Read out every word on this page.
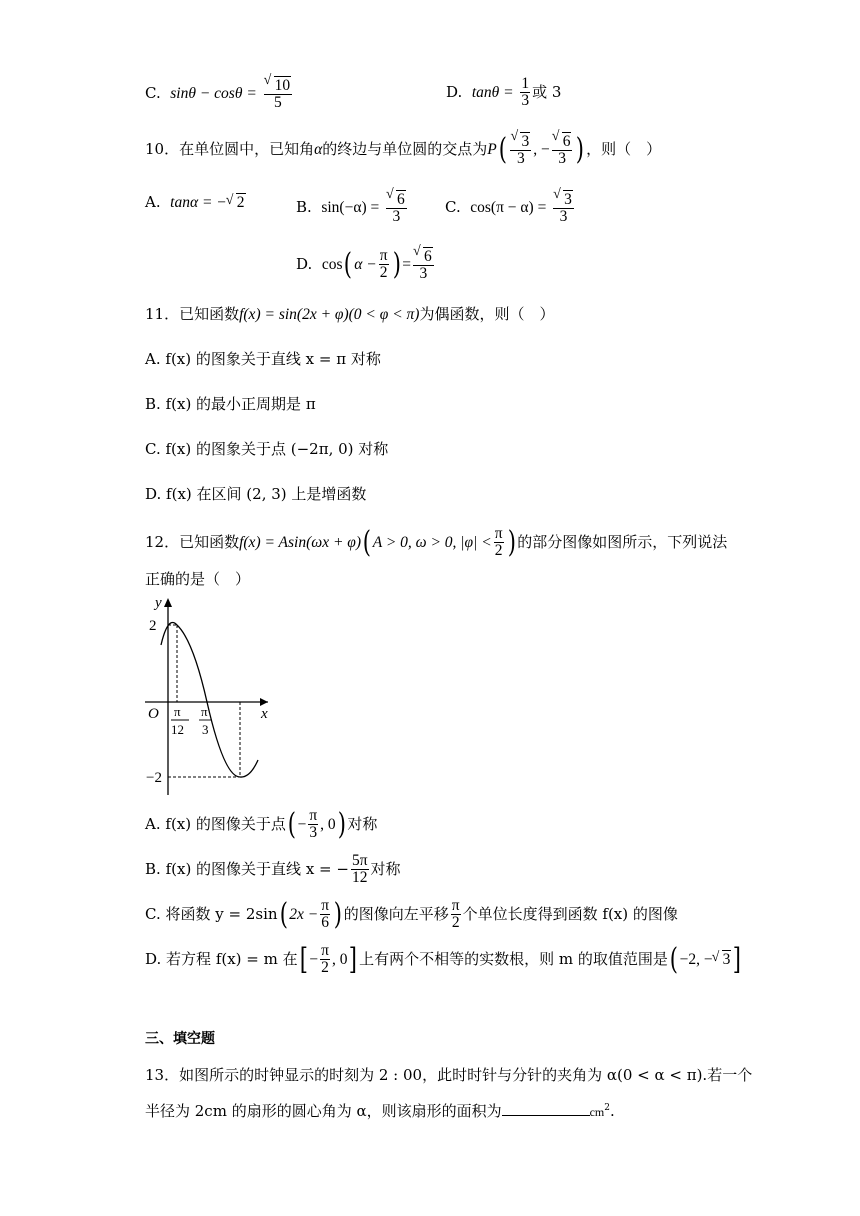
C. sinθ − cosθ = √ $\frac{10}{5}$	D. $\tan\theta = \frac{1}{3}$ 或 3
10．在单位圆中，已知角α的终边与单位圆的交点为P( √ $\frac{3}{3}$ , − √ $\frac{6}{3}$ ) ，则（　）
A. tanα = − √ 2	B. sin(−α) = √ $\frac{6}{3}$	C. cos(π − α) = √ $\frac{3}{3}$
D. cos( $\alpha - \frac{\pi}{2}$ ) = √ $\frac{6}{3}$
11．已知函数f(x) = sin(2x + φ)(0 < φ < π)为偶函数，则（　）
A. f(x) 的图象关于直线 x = π 对称
B. f(x) 的最小正周期是 π
C. f(x) 的图象关于点 (−2π, 0) 对称
D. f(x) 在区间 (2, 3) 上是增函数
12．已知函数f(x) = Asin(ωx + φ)( A > 0, ω > 0, $|\varphi| < \frac{\pi}{2}$ ) 的部分图像如图所示，下列说法
正确的是（　）
y
x
O
2
−2
π
12
π
3
A. f(x) 的图像关于点( − $\frac{\pi}{3}$ , 0) 对称
B. f(x) 的图像关于直线 x = − $\frac{5\pi}{12}$ 对称
C. 将函数 y = 2sin( $2x - \frac{\pi}{6}$ ) 的图像向左平移 $\frac{\pi}{2}$ 个单位长度得到函数 f(x) 的图像
D. 若方程 f(x) = m 在[ − $\frac{\pi}{2}$ , 0] 上有两个不相等的实数根，则 m 的取值范围是( −2, − √ 3]
三、填空题
13．如图所示的时钟显示的时刻为 2 : 00，此时时针与分针的夹角为 α(0 < α < π).若一个
半径为 2cm 的扇形的圆心角为 α，则该扇形的面积为	$cm^2$.
